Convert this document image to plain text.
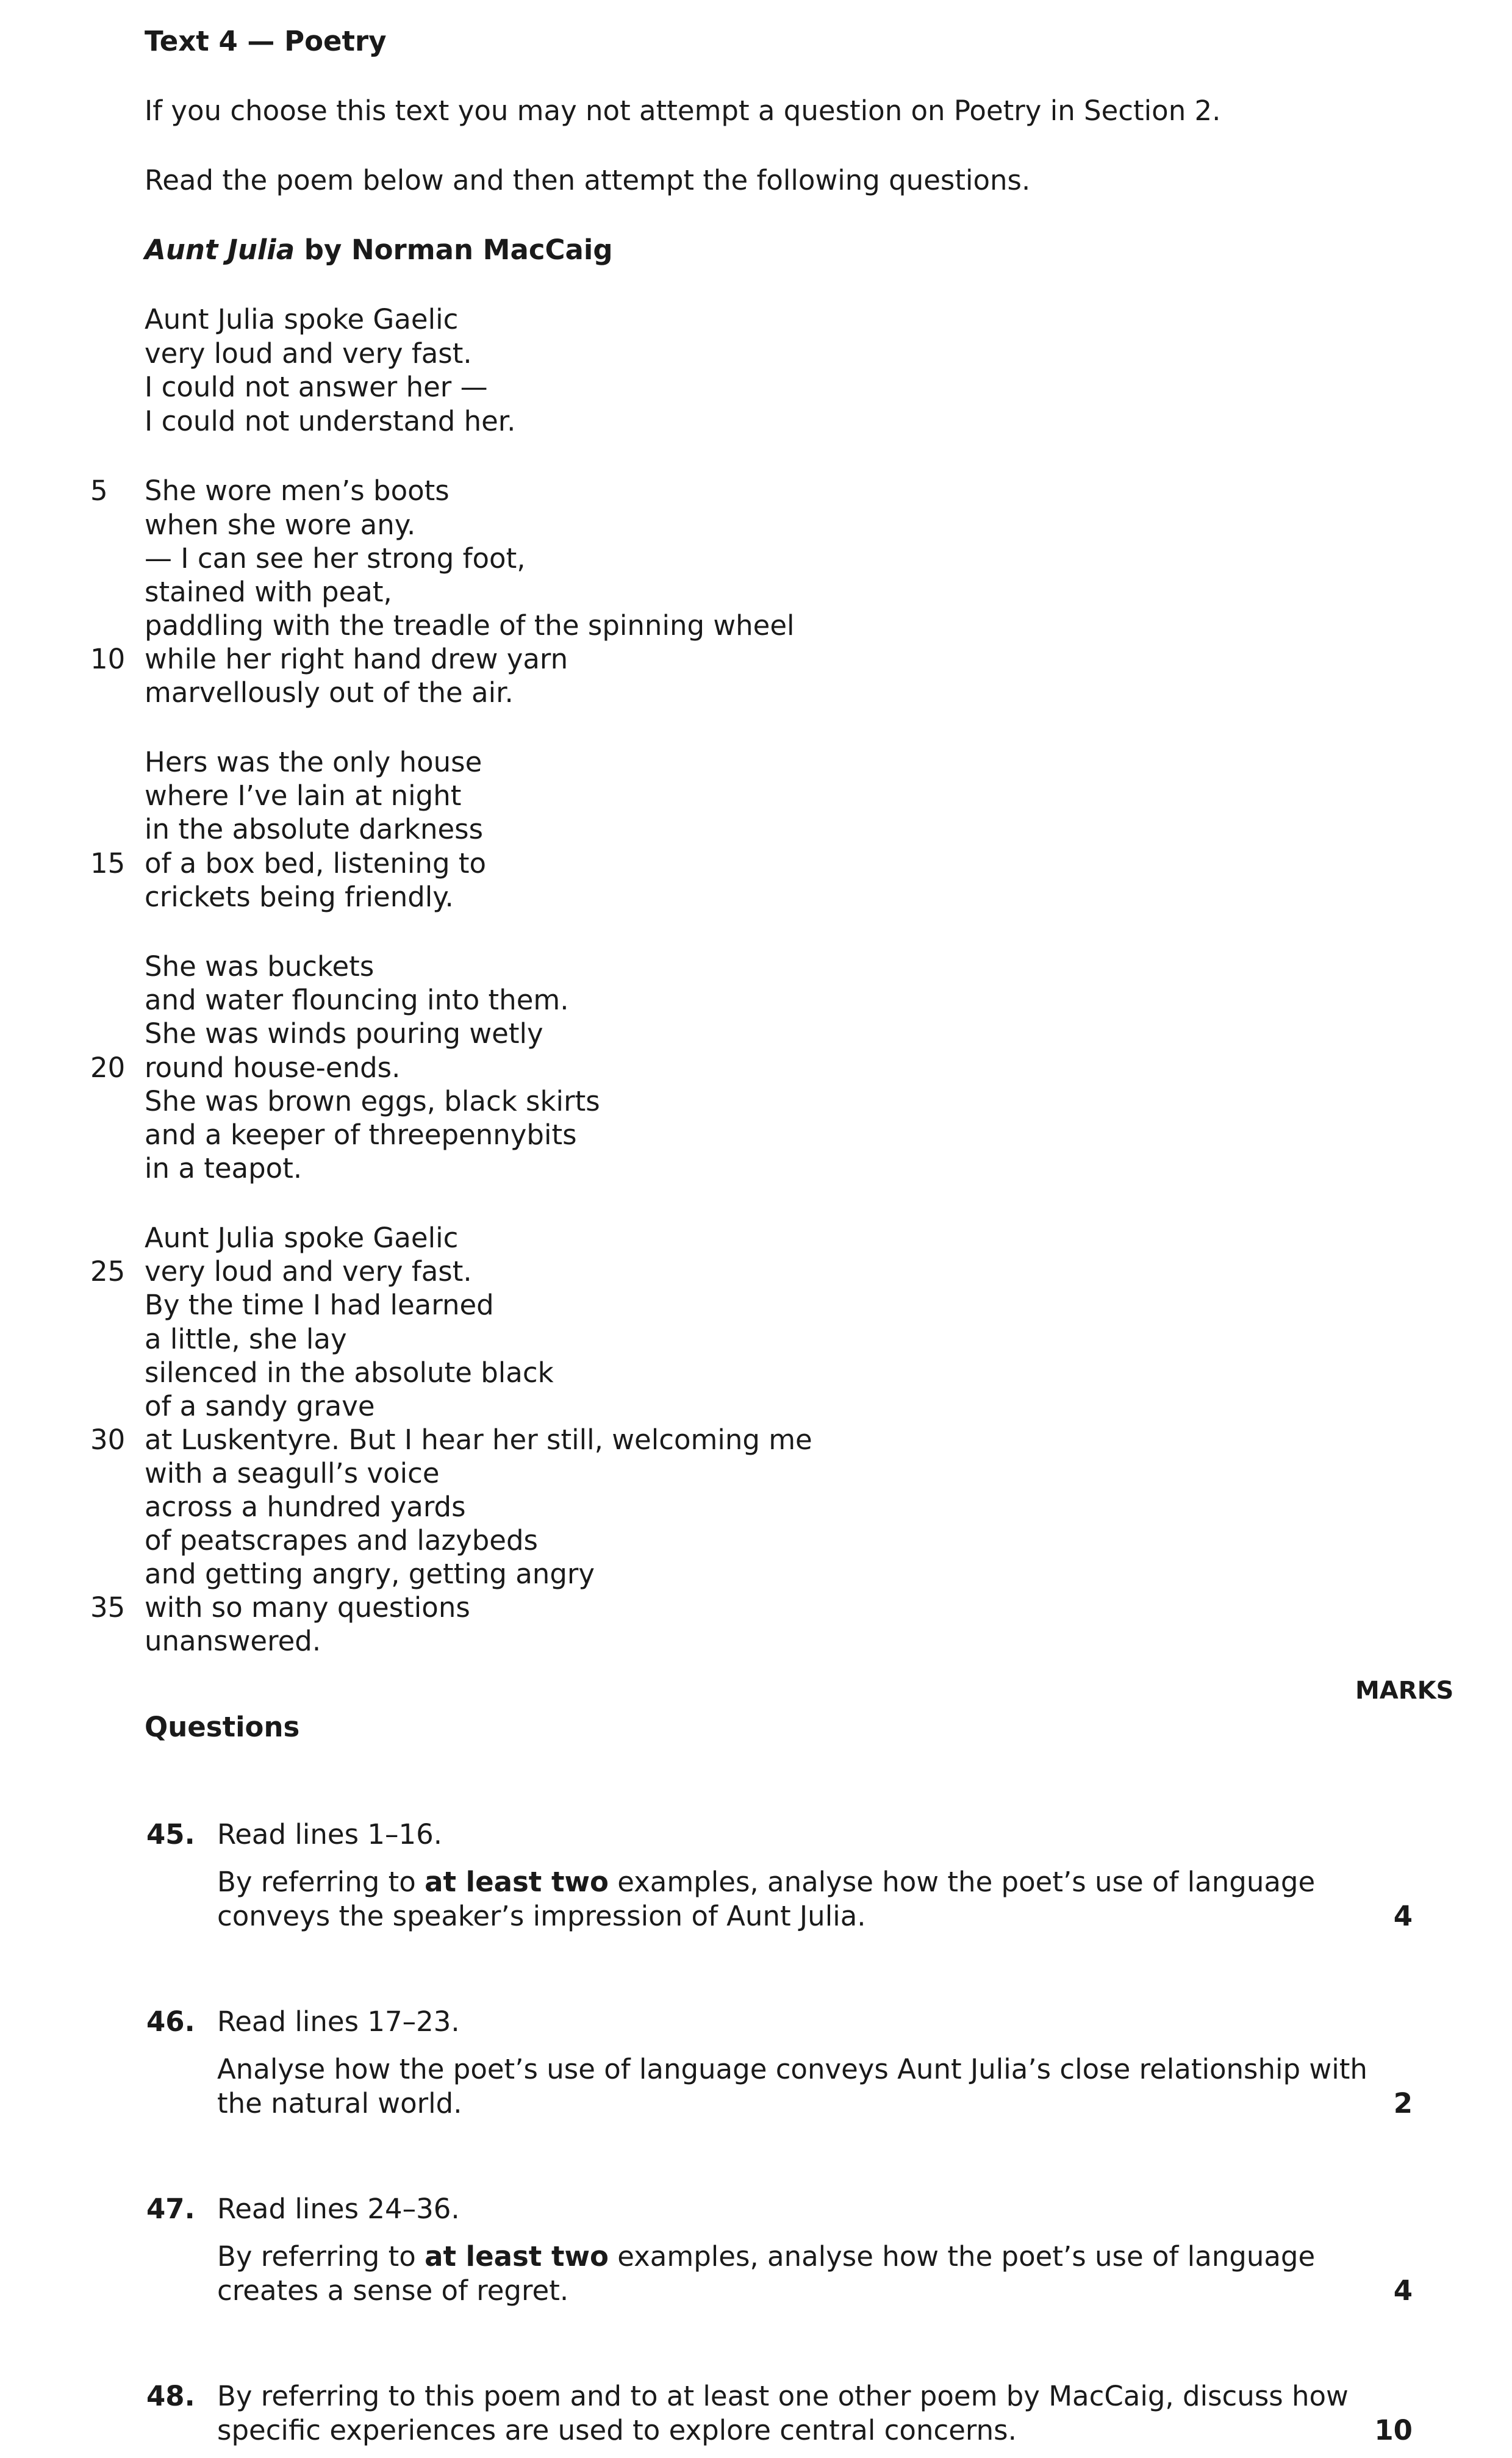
Text 4 — Poetry
If you choose this text you may not attempt a question on Poetry in Section 2.
Read the poem below and then attempt the following questions.
Aunt Julia by Norman MacCaig
Aunt Julia spoke Gaelic
very loud and very fast.
I could not answer her —
I could not understand her.
5 She wore men’s boots
when she wore any.
— I can see her strong foot,
stained with peat,
paddling with the treadle of the spinning wheel
10 while her right hand drew yarn
marvellously out of the air.
Hers was the only house
where I’ve lain at night
in the absolute darkness
15 of a box bed, listening to
crickets being friendly.
She was buckets
and water flouncing into them.
She was winds pouring wetly
20 round house-ends.
She was brown eggs, black skirts
and a keeper of threepennybits
in a teapot.
Aunt Julia spoke Gaelic
25 very loud and very fast.
By the time I had learned
a little, she lay
silenced in the absolute black
of a sandy grave
30 at Luskentyre. But I hear her still, welcoming me
with a seagull’s voice
across a hundred yards
of peatscrapes and lazybeds
and getting angry, getting angry
35 with so many questions
unanswered.
MARKS
Questions
45. Read lines 1–16.
By referring to at least two examples, analyse how the poet’s use of language conveys the speaker’s impression of Aunt Julia.	4
46. Read lines 17–23.
Analyse how the poet’s use of language conveys Aunt Julia’s close relationship with the natural world.	2
47. Read lines 24–36.
By referring to at least two examples, analyse how the poet’s use of language creates a sense of regret.	4
48. By referring to this poem and to at least one other poem by MacCaig, discuss how specific experiences are used to explore central concerns.	10
